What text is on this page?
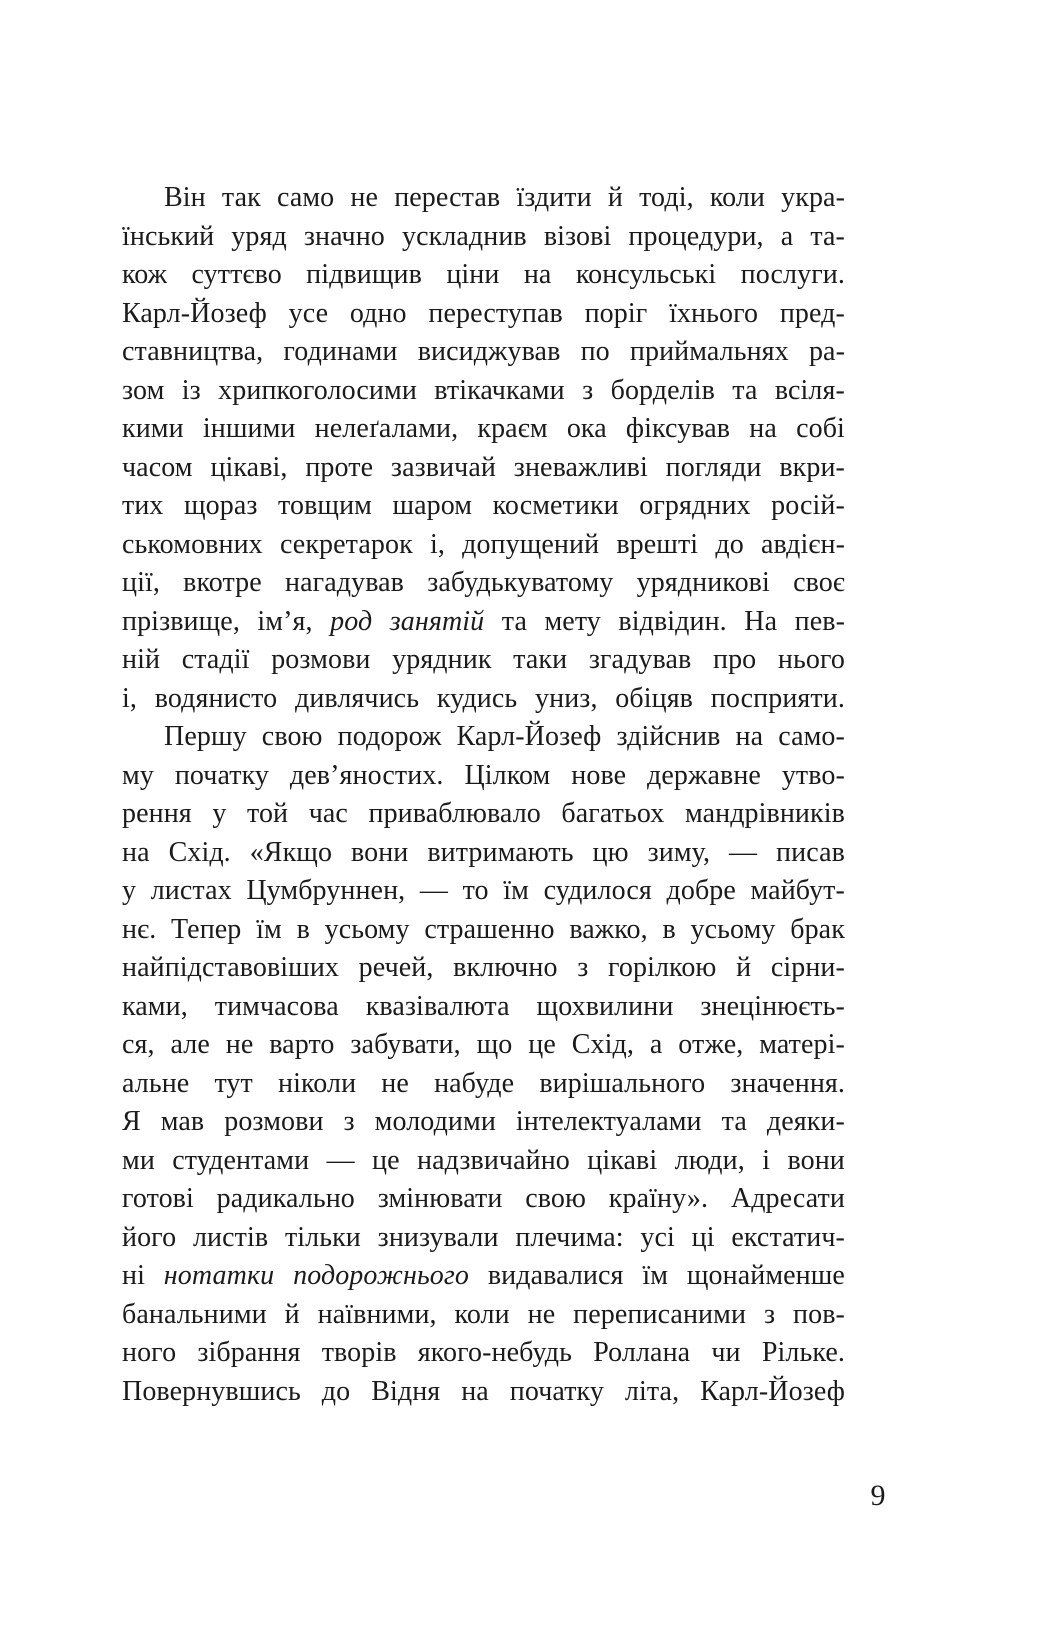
Він так само не перестав їздити й тоді, коли укра-
їнський уряд значно ускладнив візові процедури, а та-
кож суттєво підвищив ціни на консульські послуги.
Карл-Йозеф усе одно переступав поріг їхнього пред-
ставництва, годинами висиджував по приймальнях ра-
зом із хрипкоголосими втікачками з борделів та всіля-
кими іншими нелеґалами, краєм ока фіксував на собі
часом цікаві, проте зазвичай зневажливі погляди вкри-
тих щораз товщим шаром косметики огрядних росій-
ськомовних секретарок і, допущений врешті до авдієн-
ції, вкотре нагадував забудькуватому урядникові своє
прізвище, ім’я, род занятій та мету відвідин. На пев-
ній стадії розмови урядник таки згадував про нього
і, водянисто дивлячись кудись униз, обіцяв посприяти.
Першу свою подорож Карл-Йозеф здійснив на само-
му початку дев’яностих. Цілком нове державне утво-
рення у той час приваблювало багатьох мандрівників
на Схід. «Якщо вони витримають цю зиму, — писав
у листах Цумбруннен, — то їм судилося добре майбут-
нє. Тепер їм в усьому страшенно важко, в усьому брак
найпідставовіших речей, включно з горілкою й сірни-
ками, тимчасова квазівалюта щохвилини знецінюєть-
ся, але не варто забувати, що це Схід, а отже, матері-
альне тут ніколи не набуде вирішального значення.
Я мав розмови з молодими інтелектуалами та деяки-
ми студентами — це надзвичайно цікаві люди, і вони
готові радикально змінювати свою країну». Адресати
його листів тільки знизували плечима: усі ці екстатич-
ні нотатки подорожнього видавалися їм щонайменше
банальними й наївними, коли не переписаними з пов-
ного зібрання творів якого-небудь Роллана чи Рільке.
Повернувшись до Відня на початку літа, Карл-Йозеф
9
